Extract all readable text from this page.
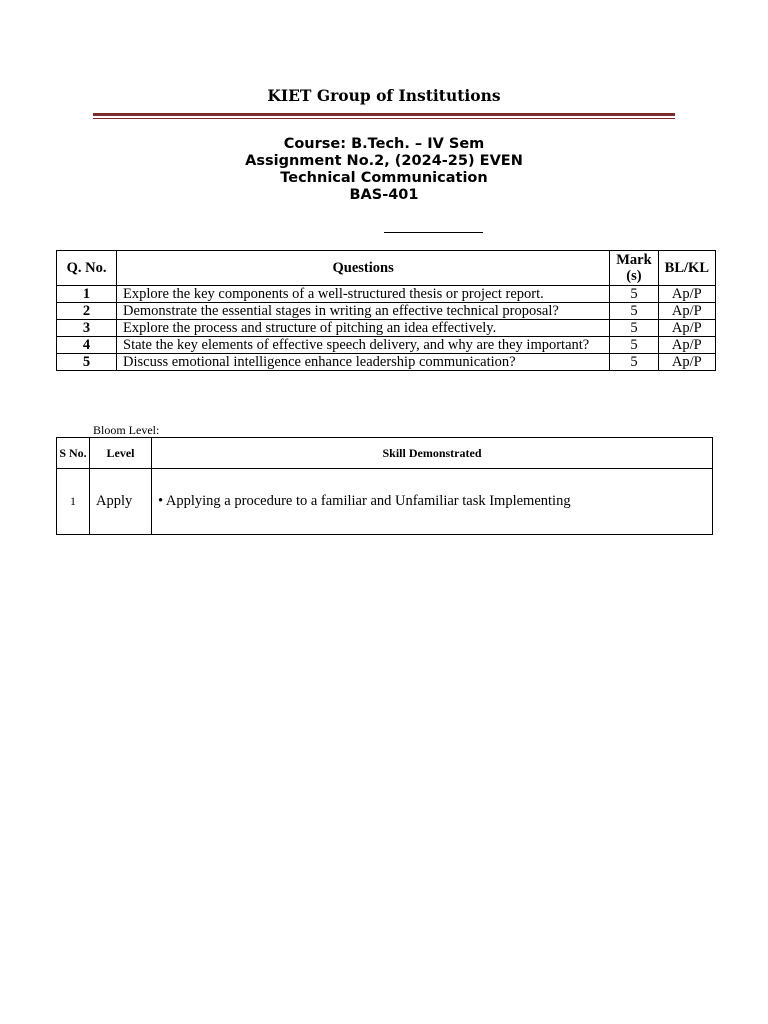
KIET Group of Institutions
Course: B.Tech. – IV Sem
Assignment No.2, (2024-25) EVEN
Technical Communication
BAS-401
Q. No.	Questions	Mark (s)	BL/KL
1	Explore the key components of a well-structured thesis or project report.	5	Ap/P
2	Demonstrate the essential stages in writing an effective technical proposal?	5	Ap/P
3	Explore the process and structure of pitching an idea effectively.	5	Ap/P
4	State the key elements of effective speech delivery, and why are they important?	5	Ap/P
5	Discuss emotional intelligence enhance leadership communication?	5	Ap/P
Bloom Level:
S No.	Level	Skill Demonstrated
1	Apply	• Applying a procedure to a familiar and Unfamiliar task Implementing
